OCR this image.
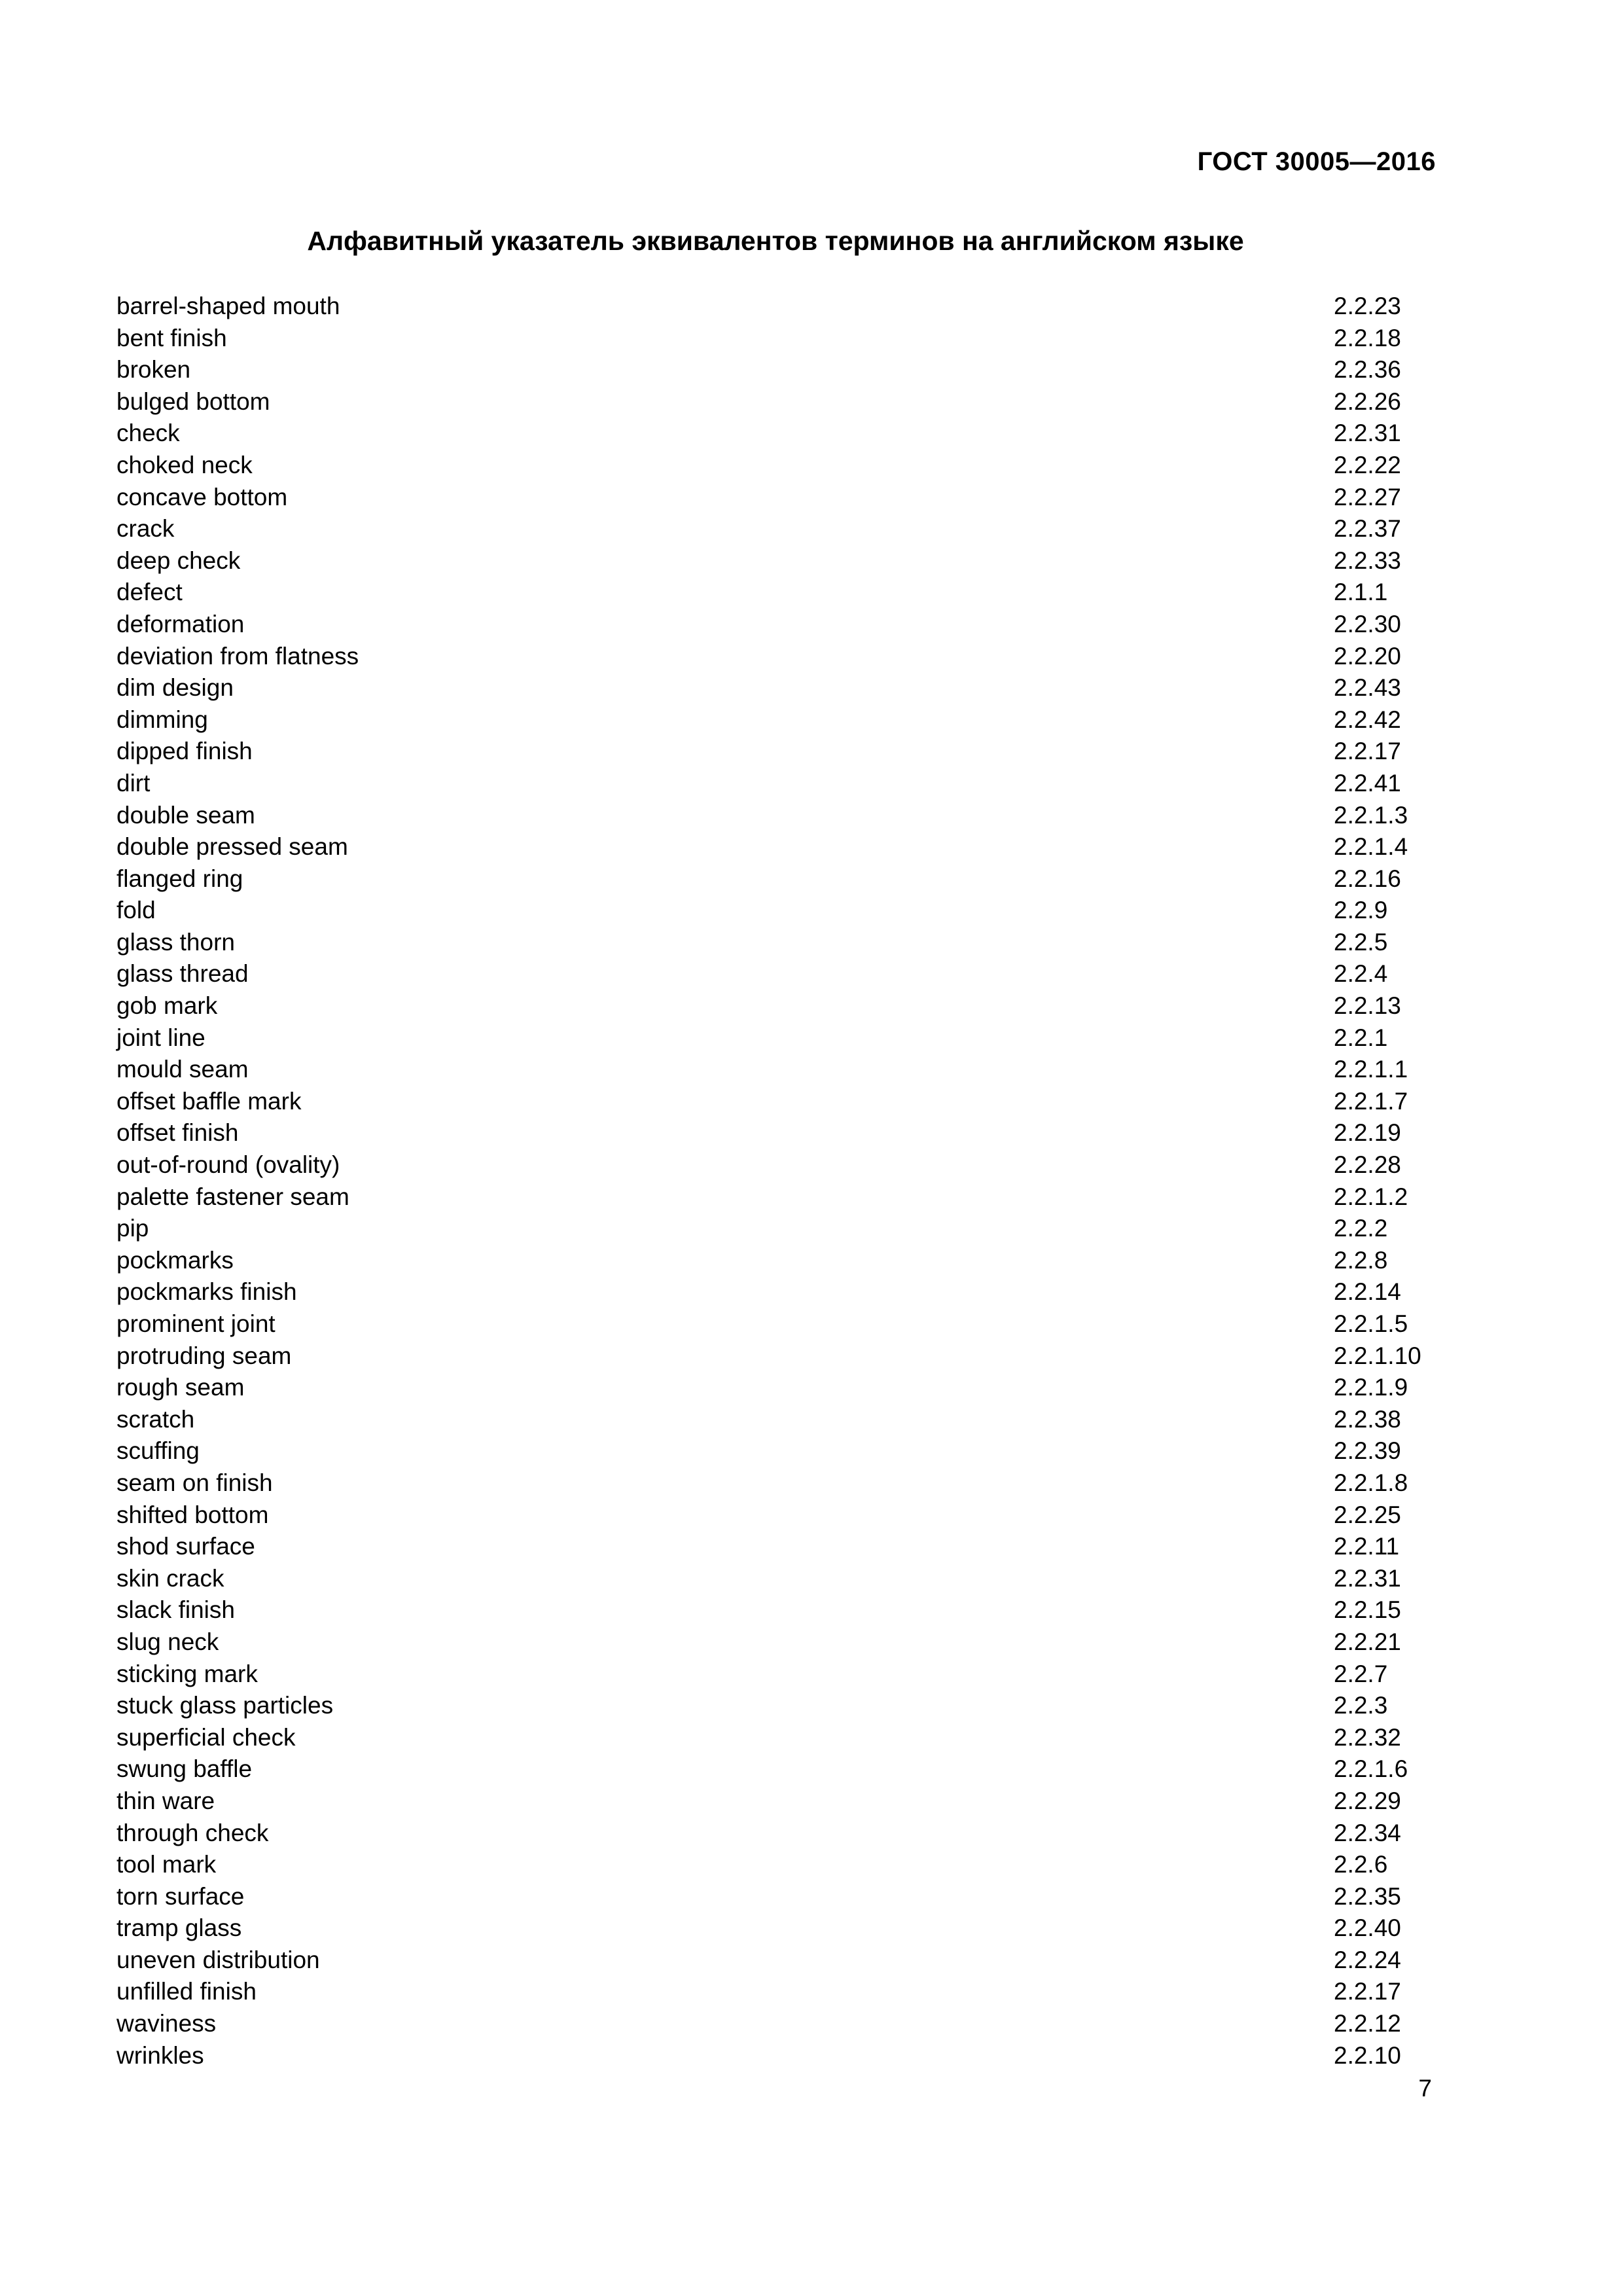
ГОСТ 30005—2016
Алфавитный указатель эквивалентов терминов на английском языке
barrel-shaped mouth	2.2.23
bent finish	2.2.18
broken	2.2.36
bulged bottom	2.2.26
check	2.2.31
choked neck	2.2.22
concave bottom	2.2.27
crack	2.2.37
deep check	2.2.33
defect	2.1.1
deformation	2.2.30
deviation from flatness	2.2.20
dim design	2.2.43
dimming	2.2.42
dipped finish	2.2.17
dirt	2.2.41
double seam	2.2.1.3
double pressed seam	2.2.1.4
flanged ring	2.2.16
fold	2.2.9
glass thorn	2.2.5
glass thread	2.2.4
gob mark	2.2.13
joint line	2.2.1
mould seam	2.2.1.1
offset baffle mark	2.2.1.7
offset finish	2.2.19
out-of-round (ovality)	2.2.28
palette fastener seam	2.2.1.2
pip	2.2.2
pockmarks	2.2.8
pockmarks finish	2.2.14
prominent joint	2.2.1.5
protruding seam	2.2.1.10
rough seam	2.2.1.9
scratch	2.2.38
scuffing	2.2.39
seam on finish	2.2.1.8
shifted bottom	2.2.25
shod surface	2.2.11
skin crack	2.2.31
slack finish	2.2.15
slug neck	2.2.21
sticking mark	2.2.7
stuck glass particles	2.2.3
superficial check	2.2.32
swung baffle	2.2.1.6
thin ware	2.2.29
through check	2.2.34
tool mark	2.2.6
torn surface	2.2.35
tramp glass	2.2.40
uneven distribution	2.2.24
unfilled finish	2.2.17
waviness	2.2.12
wrinkles	2.2.10
7
